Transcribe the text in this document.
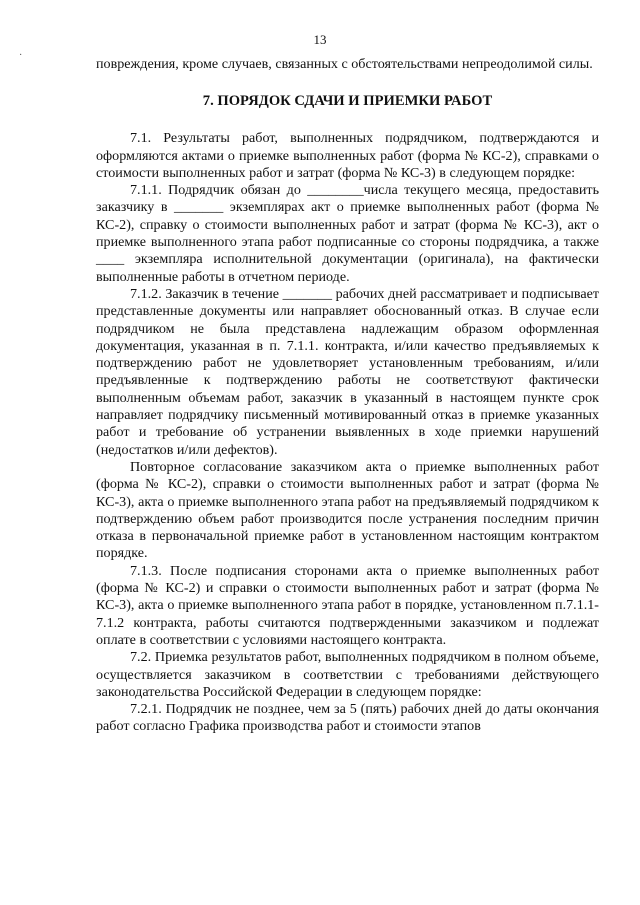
·
13

повреждения, кроме случаев, связанных с обстоятельствами непреодолимой силы.

7. ПОРЯДОК СДАЧИ И ПРИЕМКИ РАБОТ

7.1. Результаты работ, выполненных подрядчиком, подтверждаются и оформляются актами о приемке выполненных работ (форма № КС-2), справками о стоимости выполненных работ и затрат (форма № КС-3) в следующем порядке:

7.1.1. Подрядчик обязан до ________числа текущего месяца, предоставить заказчику в _______ экземплярах акт о приемке выполненных работ (форма № КС-2), справку о стоимости выполненных работ и затрат (форма № КС-3), акт о приемке выполненного этапа работ подписанные со стороны подрядчика, а также ____ экземпляра исполнительной документации (оригинала), на фактически выполненные работы в отчетном периоде.

7.1.2. Заказчик в течение _______ рабочих дней рассматривает и подписывает представленные документы или направляет обоснованный отказ. В случае если подрядчиком не была представлена надлежащим образом оформленная документация, указанная в п. 7.1.1. контракта, и/или качество предъявляемых к подтверждению работ не удовлетворяет установленным требованиям, и/или предъявленные к подтверждению работы не соответствуют фактически выполненным объемам работ, заказчик в указанный в настоящем пункте срок направляет подрядчику письменный мотивированный отказ в приемке указанных работ и требование об устранении выявленных в ходе приемки нарушений (недостатков и/или дефектов).

Повторное согласование заказчиком акта о приемке выполненных работ (форма № КС-2), справки о стоимости выполненных работ и затрат (форма № КС-3), акта о приемке выполненного этапа работ на предъявляемый подрядчиком к подтверждению объем работ производится после устранения последним причин отказа в первоначальной приемке работ в установленном настоящим контрактом порядке.

7.1.3. После подписания сторонами акта о приемке выполненных работ (форма № КС-2) и справки о стоимости выполненных работ и затрат (форма № КС-3), акта о приемке выполненного этапа работ в порядке, установленном п.7.1.1-7.1.2 контракта, работы считаются подтвержденными заказчиком и подлежат оплате в соответствии с условиями настоящего контракта.

7.2. Приемка результатов работ, выполненных подрядчиком в полном объеме, осуществляется заказчиком в соответствии с требованиями действующего законодательства Российской Федерации в следующем порядке:

7.2.1. Подрядчик не позднее, чем за 5 (пять) рабочих дней до даты окончания работ согласно Графика производства работ и стоимости этапов
